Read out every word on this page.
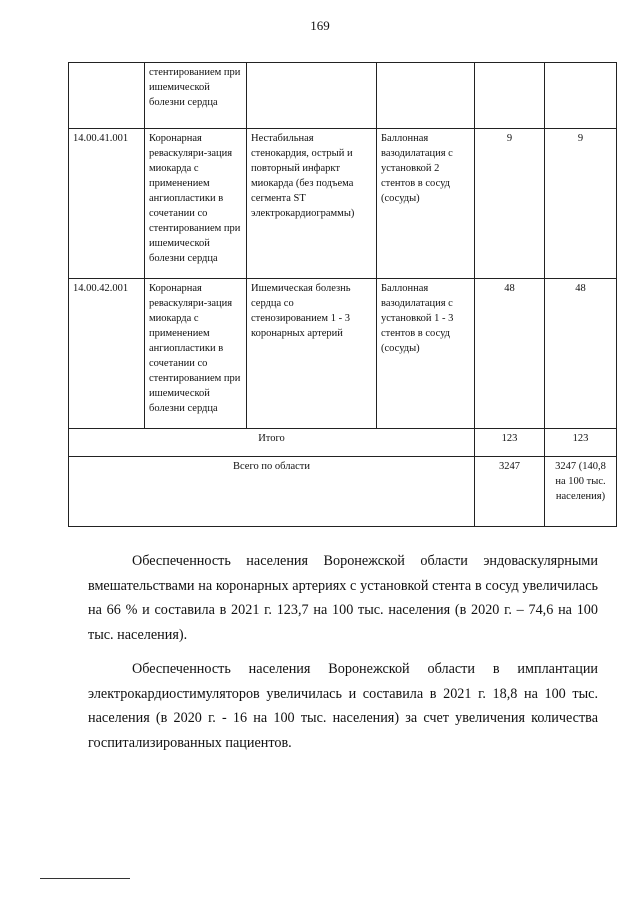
169
	стентированием при ишемической болезни сердца				
14.00.41.001	Коронарная реваскуляри-зация миокарда с применением ангиопластики в сочетании со стентированием при ишемической болезни сердца	Нестабильная стенокардия, острый и повторный инфаркт миокарда (без подъема сегмента ST электрокардиограммы)	Баллонная вазодилатация с установкой 2 стентов в сосуд (сосуды)	9	9
14.00.42.001	Коронарная реваскуляри-зация миокарда с применением ангиопластики в сочетании со стентированием при ишемической болезни сердца	Ишемическая болезнь сердца со стенозированием 1 - 3 коронарных артерий	Баллонная вазодилатация с установкой 1 - 3 стентов в сосуд (сосуды)	48	48
Итого				123	123
Всего по области				3247	3247 (140,8 на 100 тыс. населения)

Обеспеченность населения Воронежской области эндоваскулярными вмешательствами на коронарных артериях с установкой стента в сосуд увеличилась на 66 % и составила в 2021 г. 123,7 на 100 тыс. населения (в 2020 г. – 74,6 на 100 тыс. населения).

Обеспеченность населения Воронежской области в имплантации электрокардиостимуляторов увеличилась и составила в 2021 г. 18,8 на 100 тыс. населения (в 2020 г. - 16 на 100 тыс. населения) за счет увеличения количества госпитализированных пациентов.
